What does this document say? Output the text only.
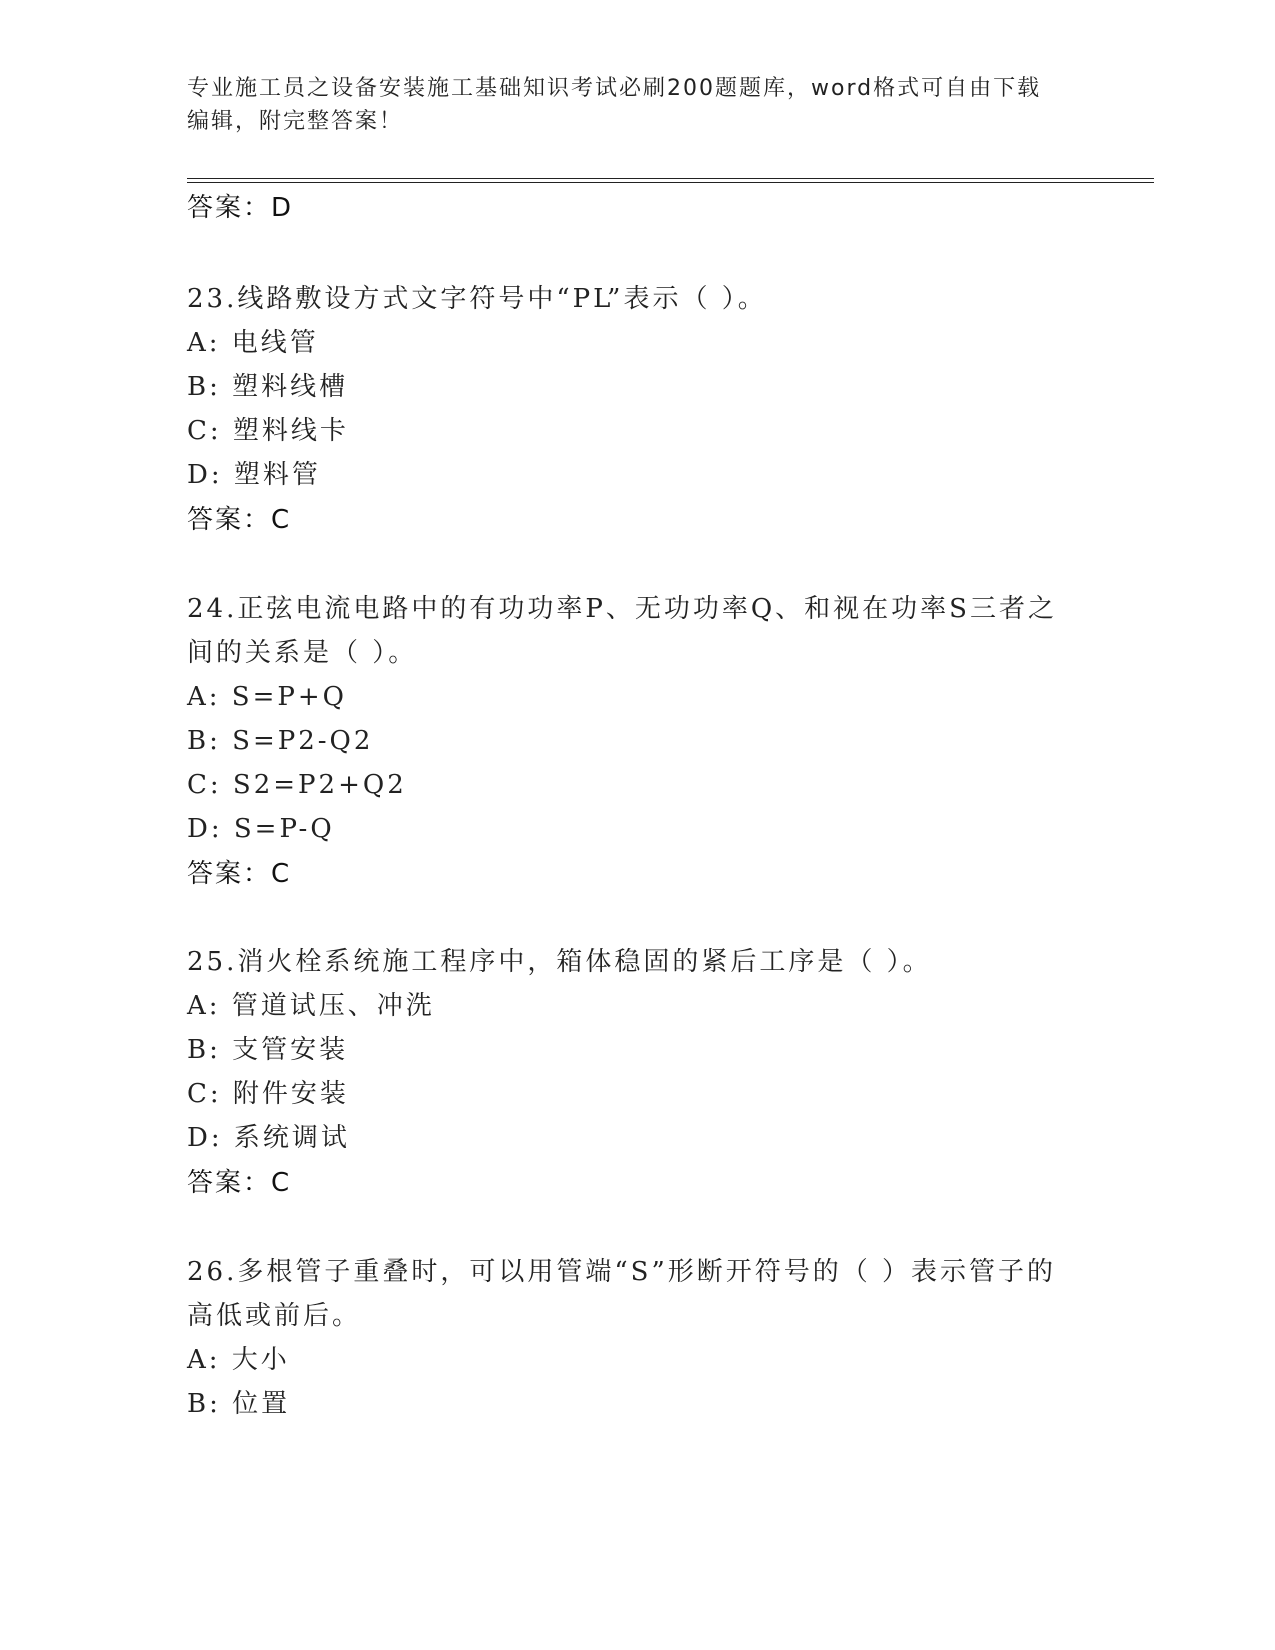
专业施工员之设备安装施工基础知识考试必刷200题题库，word格式可自由下载
编辑，附完整答案！
答案：D
23.线路敷设方式文字符号中“PL”表示（ ）。
A: 电线管
B: 塑料线槽
C: 塑料线卡
D: 塑料管
答案：C
24.正弦电流电路中的有功功率P、无功功率Q、和视在功率S三者之
间的关系是（ ）。
A: S=P+Q
B: S=P2-Q2
C: S2=P2+Q2
D: S=P-Q
答案：C
25.消火栓系统施工程序中，箱体稳固的紧后工序是（ ）。
A: 管道试压、冲洗
B: 支管安装
C: 附件安装
D: 系统调试
答案：C
26.多根管子重叠时，可以用管端“S”形断开符号的（ ）表示管子的
高低或前后。
A: 大小
B: 位置
